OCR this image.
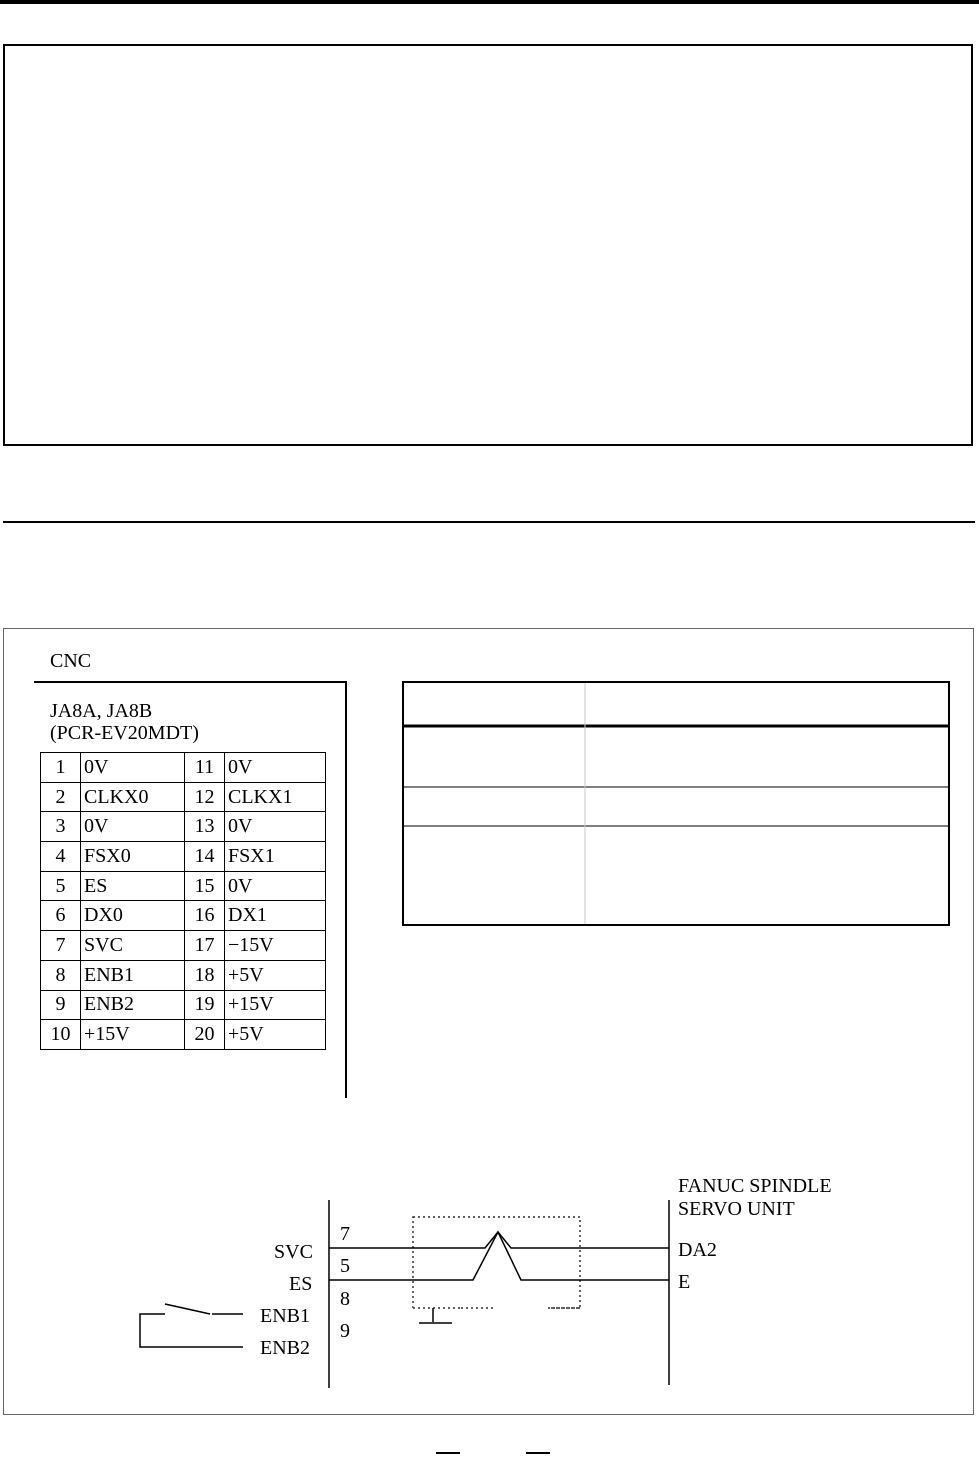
CNC
JA8A, JA8B
(PCR-EV20MDT)
1	0V	11	0V
2	CLKX0	12	CLKX1
3	0V	13	0V
4	FSX0	14	FSX1
5	ES	15	0V
6	DX0	16	DX1
7	SVC	17	−15V
8	ENB1	18	+5V
9	ENB2	19	+15V
10	+15V	20	+5V
SVC
ES
ENB1
ENB2
7
5
8
9
FANUC SPINDLE
SERVO UNIT
DA2
E
